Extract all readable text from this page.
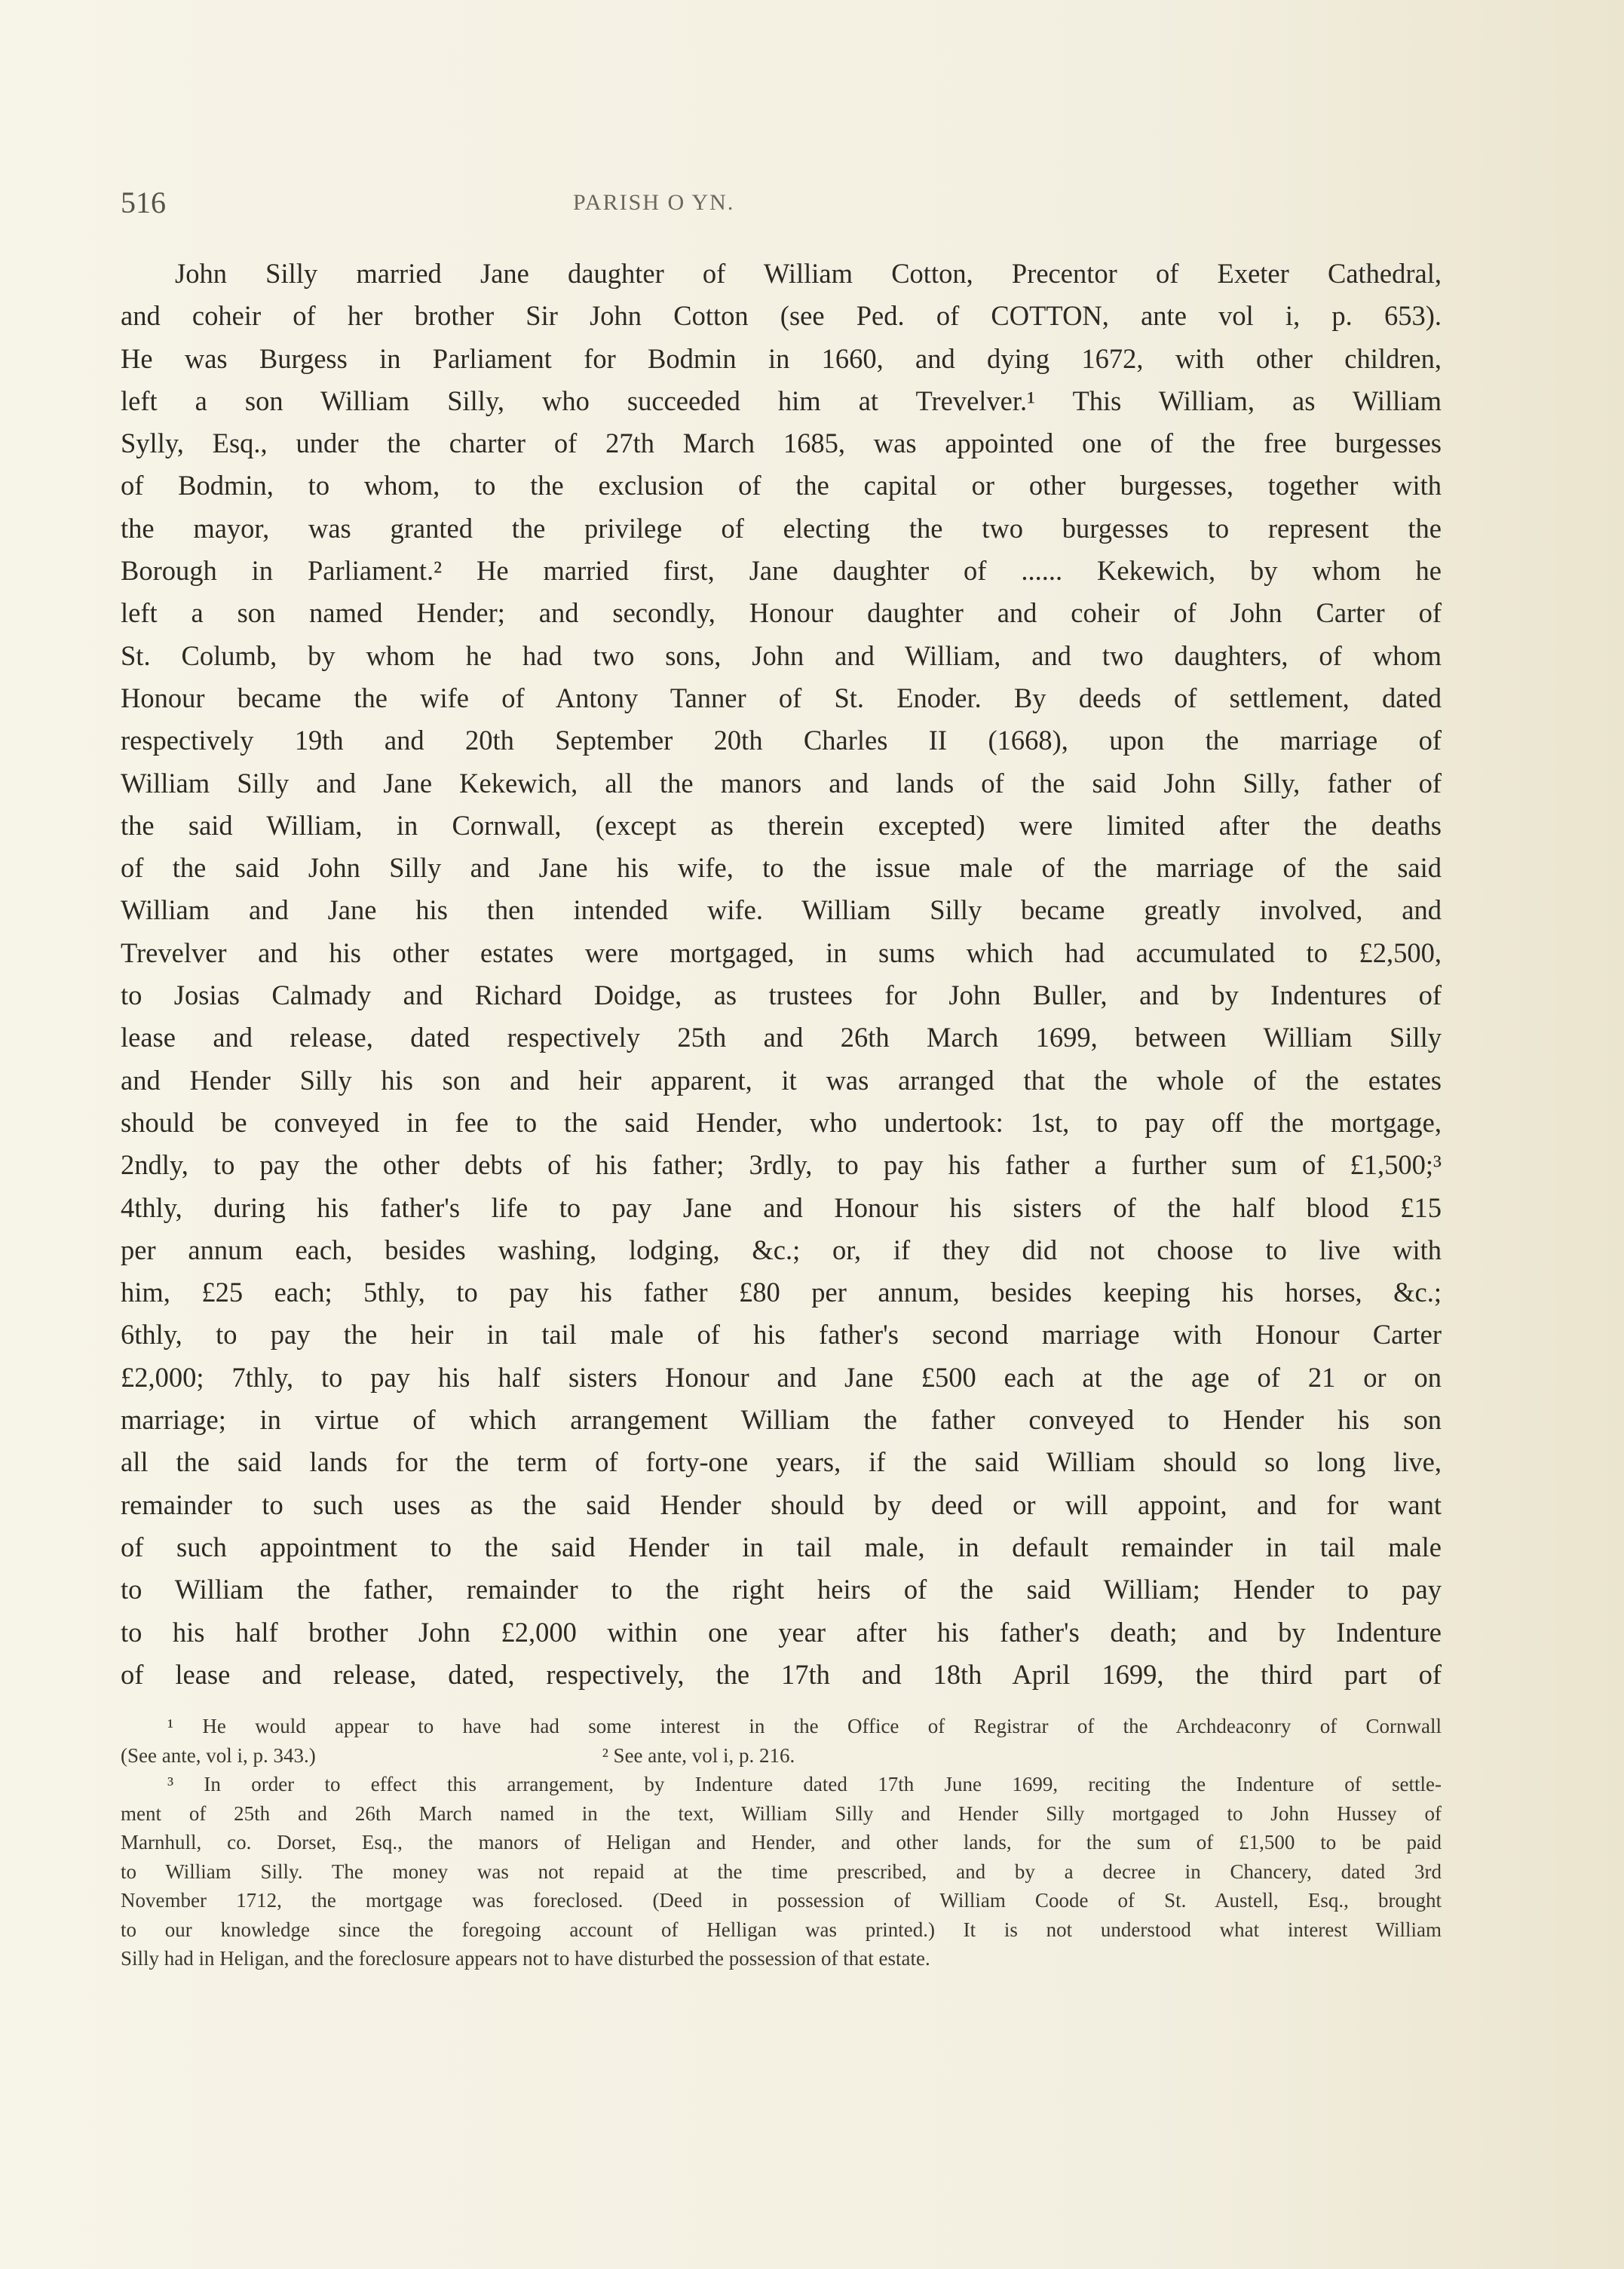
516	PARISH O YN.
John Silly married Jane daughter of William Cotton, Precentor of Exeter Cathedral,
and coheir of her brother Sir John Cotton (see Ped. of COTTON, ante vol i, p. 653).
He was Burgess in Parliament for Bodmin in 1660, and dying 1672, with other children,
left a son William Silly, who succeeded him at Trevelver.¹ This William, as William
Sylly, Esq., under the charter of 27th March 1685, was appointed one of the free burgesses
of Bodmin, to whom, to the exclusion of the capital or other burgesses, together with
the mayor, was granted the privilege of electing the two burgesses to represent the
Borough in Parliament.² He married first, Jane daughter of ...... Kekewich, by whom he
left a son named Hender; and secondly, Honour daughter and coheir of John Carter of
St. Columb, by whom he had two sons, John and William, and two daughters, of whom
Honour became the wife of Antony Tanner of St. Enoder. By deeds of settlement, dated
respectively 19th and 20th September 20th Charles II (1668), upon the marriage of
William Silly and Jane Kekewich, all the manors and lands of the said John Silly, father of
the said William, in Cornwall, (except as therein excepted) were limited after the deaths
of the said John Silly and Jane his wife, to the issue male of the marriage of the said
William and Jane his then intended wife. William Silly became greatly involved, and
Trevelver and his other estates were mortgaged, in sums which had accumulated to £2,500,
to Josias Calmady and Richard Doidge, as trustees for John Buller, and by Indentures of
lease and release, dated respectively 25th and 26th March 1699, between William Silly
and Hender Silly his son and heir apparent, it was arranged that the whole of the estates
should be conveyed in fee to the said Hender, who undertook: 1st, to pay off the mortgage,
2ndly, to pay the other debts of his father; 3rdly, to pay his father a further sum of £1,500;³
4thly, during his father's life to pay Jane and Honour his sisters of the half blood £15
per annum each, besides washing, lodging, &c.; or, if they did not choose to live with
him, £25 each; 5thly, to pay his father £80 per annum, besides keeping his horses, &c.;
6thly, to pay the heir in tail male of his father's second marriage with Honour Carter
£2,000; 7thly, to pay his half sisters Honour and Jane £500 each at the age of 21 or on
marriage; in virtue of which arrangement William the father conveyed to Hender his son
all the said lands for the term of forty-one years, if the said William should so long live,
remainder to such uses as the said Hender should by deed or will appoint, and for want
of such appointment to the said Hender in tail male, in default remainder in tail male
to William the father, remainder to the right heirs of the said William; Hender to pay
to his half brother John £2,000 within one year after his father's death; and by Indenture
of lease and release, dated, respectively, the 17th and 18th April 1699, the third part of
¹ He would appear to have had some interest in the Office of Registrar of the Archdeaconry of Cornwall
(See ante, vol i, p. 343.)	² See ante, vol i, p. 216.
³ In order to effect this arrangement, by Indenture dated 17th June 1699, reciting the Indenture of settle-
ment of 25th and 26th March named in the text, William Silly and Hender Silly mortgaged to John Hussey of
Marnhull, co. Dorset, Esq., the manors of Heligan and Hender, and other lands, for the sum of £1,500 to be paid
to William Silly. The money was not repaid at the time prescribed, and by a decree in Chancery, dated 3rd
November 1712, the mortgage was foreclosed. (Deed in possession of William Coode of St. Austell, Esq., brought
to our knowledge since the foregoing account of Helligan was printed.) It is not understood what interest William
Silly had in Heligan, and the foreclosure appears not to have disturbed the possession of that estate.
